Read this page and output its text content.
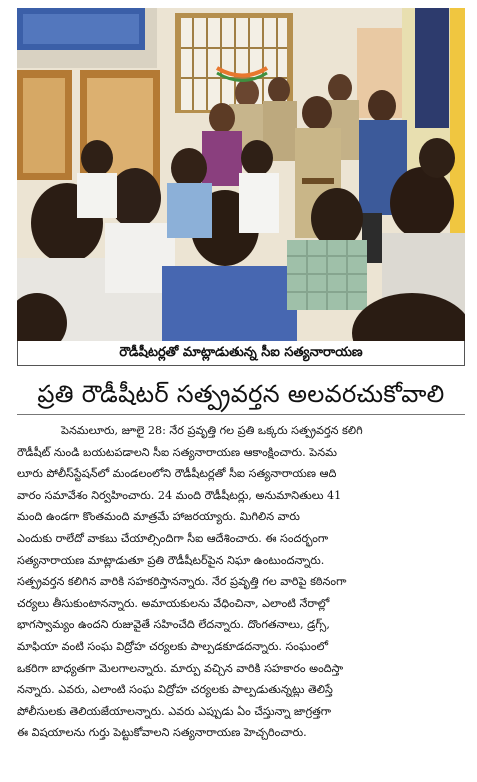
రౌడీషీటర్లతో మాట్లాడుతున్న సీఐ సత్యనారాయణ
ప్రతి రౌడీషీటర్ సత్ప్రవర్తన అలవరచుకోవాలి
పెనమలూరు, జూలై 28: నేర ప్రవృత్తి గల ప్రతి ఒక్కరు సత్ప్రవర్తన కలిగి
రౌడీషీట్ నుండి బయటపడాలని సీఐ సత్యనారాయణ ఆకాంక్షించారు. పెనమ
లూరు పోలీస్‌స్టేషన్‌లో మండలంలోని రౌడీషీటర్లతో సీఐ సత్యనారాయణ ఆది
వారం సమావేశం నిర్వహించారు. 24 మంది రౌడీషీటర్లు, అనుమానితులు 41
మంది ఉండగా కొంతమంది మాత్రమే హాజరయ్యారు. మిగిలిన వారు
ఎందుకు రాలేదో వాకబు చేయాల్సిందిగా సీఐ ఆదేశించారు. ఈ సందర్భంగా
సత్యనారాయణ మాట్లాడుతూ ప్రతి రౌడీషీటర్‌పైన నిఘా ఉంటుందన్నారు.
సత్ప్రవర్తన కలిగిన వారికి సహకరిస్తానన్నారు. నేర ప్రవృత్తి గల వారిపై కఠినంగా
చర్యలు తీసుకుంటానన్నారు. అమాయకులను వేధించినా, ఎలాంటి నేరాల్లో
భాగస్వామ్యం ఉందని రుజువైతే సహించేది లేదన్నారు. దొంగతనాలు, డ్రగ్స్,
మాఫియా వంటి సంఘ విద్రోహ చర్యలకు పాల్పడకూడదన్నారు. సంఘంలో
ఒకరిగా బాధ్యతగా మెలగాలన్నారు. మార్పు వచ్చిన వారికి సహకారం అందిస్తా
నన్నారు. ఎవరు, ఎలాంటి సంఘ విద్రోహ చర్యలకు పాల్పడుతున్నట్లు తెలిస్తే
పోలీసులకు తెలియజేయాలన్నారు. ఎవరు ఎప్పుడు ఏం చేస్తున్నా జాగ్రత్తగా
ఈ విషయాలను గుర్తు పెట్టుకోవాలని సత్యనారాయణ హెచ్చరించారు.
